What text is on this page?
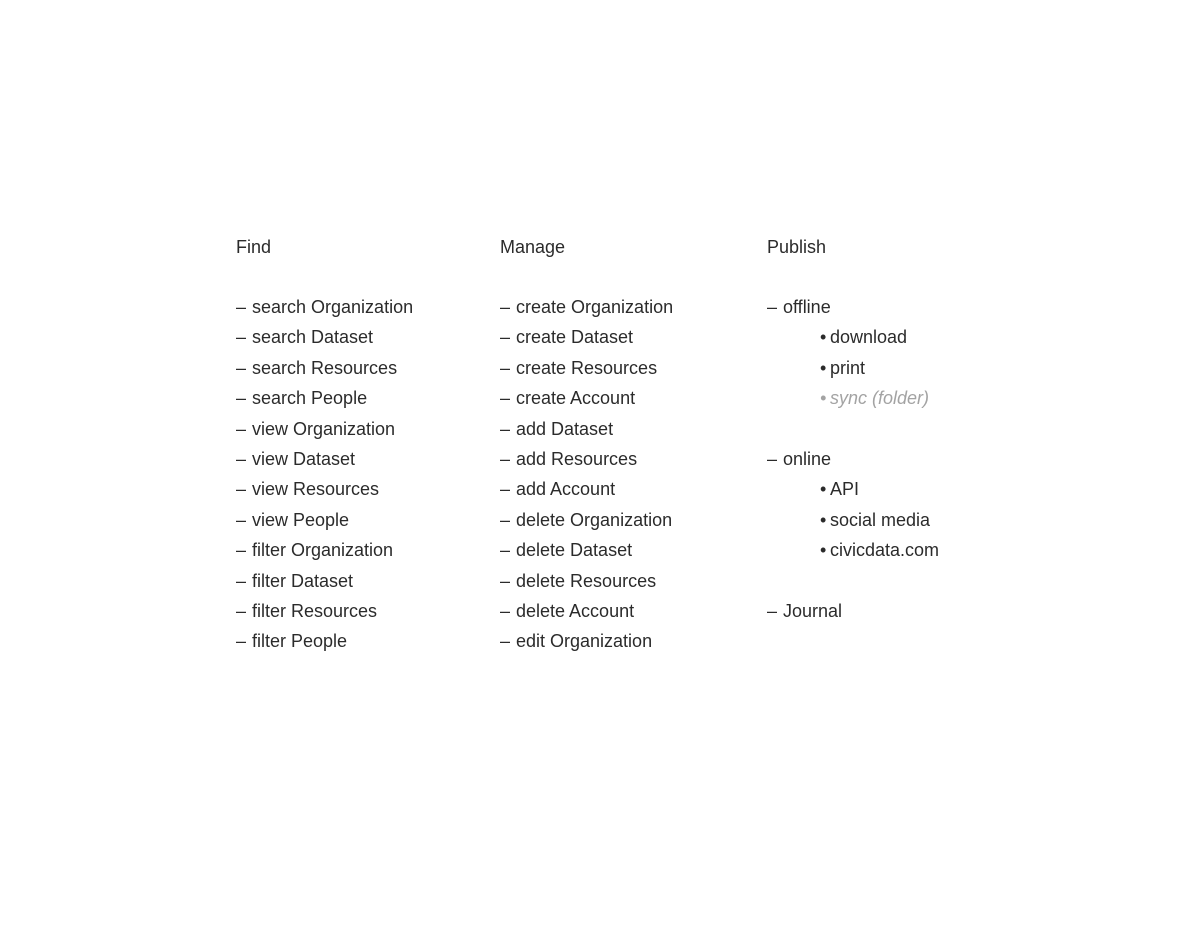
Find
– search Organization
– search Dataset
– search Resources
– search People
– view Organization
– view Dataset
– view Resources
– view People
– filter Organization
– filter Dataset
– filter Resources
– filter People
Manage
– create Organization
– create Dataset
– create Resources
– create Account
– add Dataset
– add Resources
– add Account
– delete Organization
– delete Dataset
– delete Resources
– delete Account
– edit Organization
Publish
– offline
• download
• print
• sync (folder)
– online
• API
• social media
• civicdata.com
– Journal
